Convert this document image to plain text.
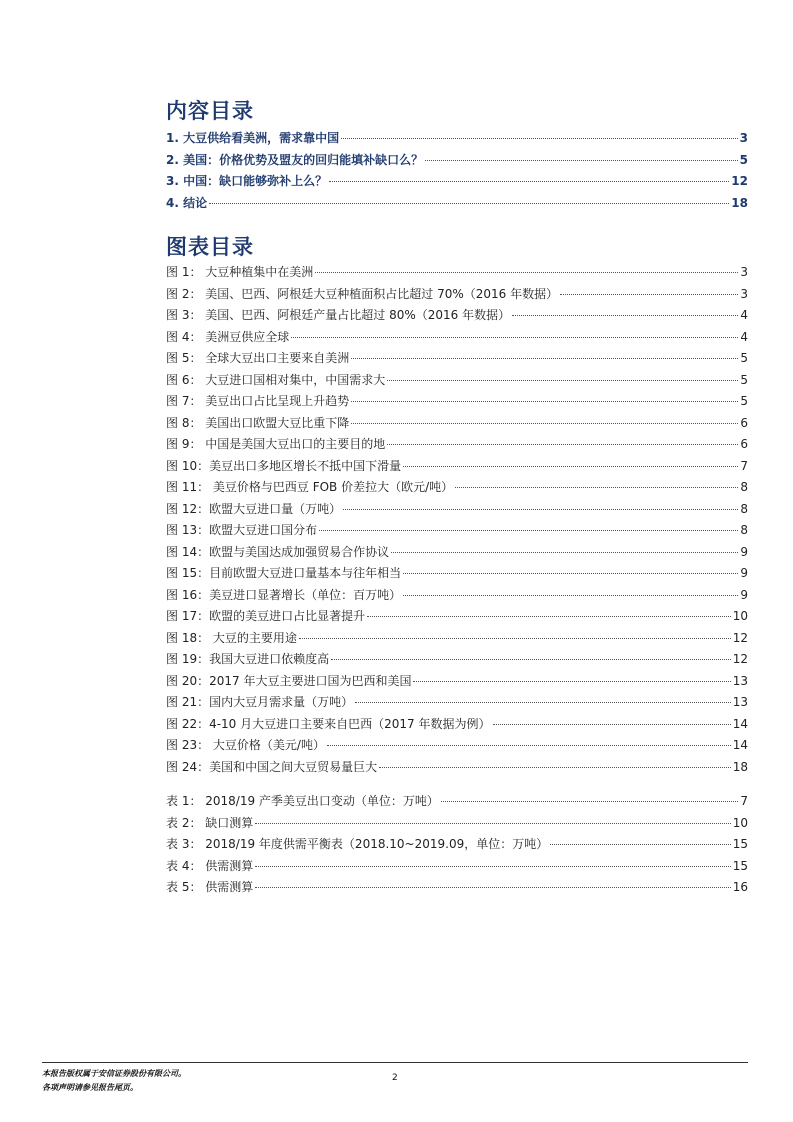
内容目录
1. 大豆供给看美洲，需求靠中国	3
2. 美国：价格优势及盟友的回归能填补缺口么？	5
3. 中国：缺口能够弥补上么？	12
4. 结论	18
图表目录
图 1： 大豆种植集中在美洲	3
图 2： 美国、巴西、阿根廷大豆种植面积占比超过 70%（2016 年数据）	3
图 3： 美国、巴西、阿根廷产量占比超过 80%（2016 年数据）	4
图 4： 美洲豆供应全球	4
图 5： 全球大豆出口主要来自美洲	5
图 6： 大豆进口国相对集中，中国需求大	5
图 7： 美豆出口占比呈现上升趋势	5
图 8： 美国出口欧盟大豆比重下降	6
图 9： 中国是美国大豆出口的主要目的地	6
图 10：美豆出口多地区增长不抵中国下滑量	7
图 11： 美豆价格与巴西豆 FOB 价差拉大（欧元/吨）	8
图 12：欧盟大豆进口量（万吨）	8
图 13：欧盟大豆进口国分布	8
图 14：欧盟与美国达成加强贸易合作协议	9
图 15：目前欧盟大豆进口量基本与往年相当	9
图 16：美豆进口显著增长（单位：百万吨）	9
图 17：欧盟的美豆进口占比显著提升	10
图 18： 大豆的主要用途	12
图 19：我国大豆进口依赖度高	12
图 20：2017 年大豆主要进口国为巴西和美国	13
图 21：国内大豆月需求量（万吨）	13
图 22：4-10 月大豆进口主要来自巴西（2017 年数据为例）	14
图 23： 大豆价格（美元/吨）	14
图 24：美国和中国之间大豆贸易量巨大	18
表 1： 2018/19 产季美豆出口变动（单位：万吨）	7
表 2： 缺口测算	10
表 3： 2018/19 年度供需平衡表（2018.10~2019.09，单位：万吨）	15
表 4： 供需测算	15
表 5： 供需测算	16
本报告版权属于安信证券股份有限公司。
各项声明请参见报告尾页。
2
